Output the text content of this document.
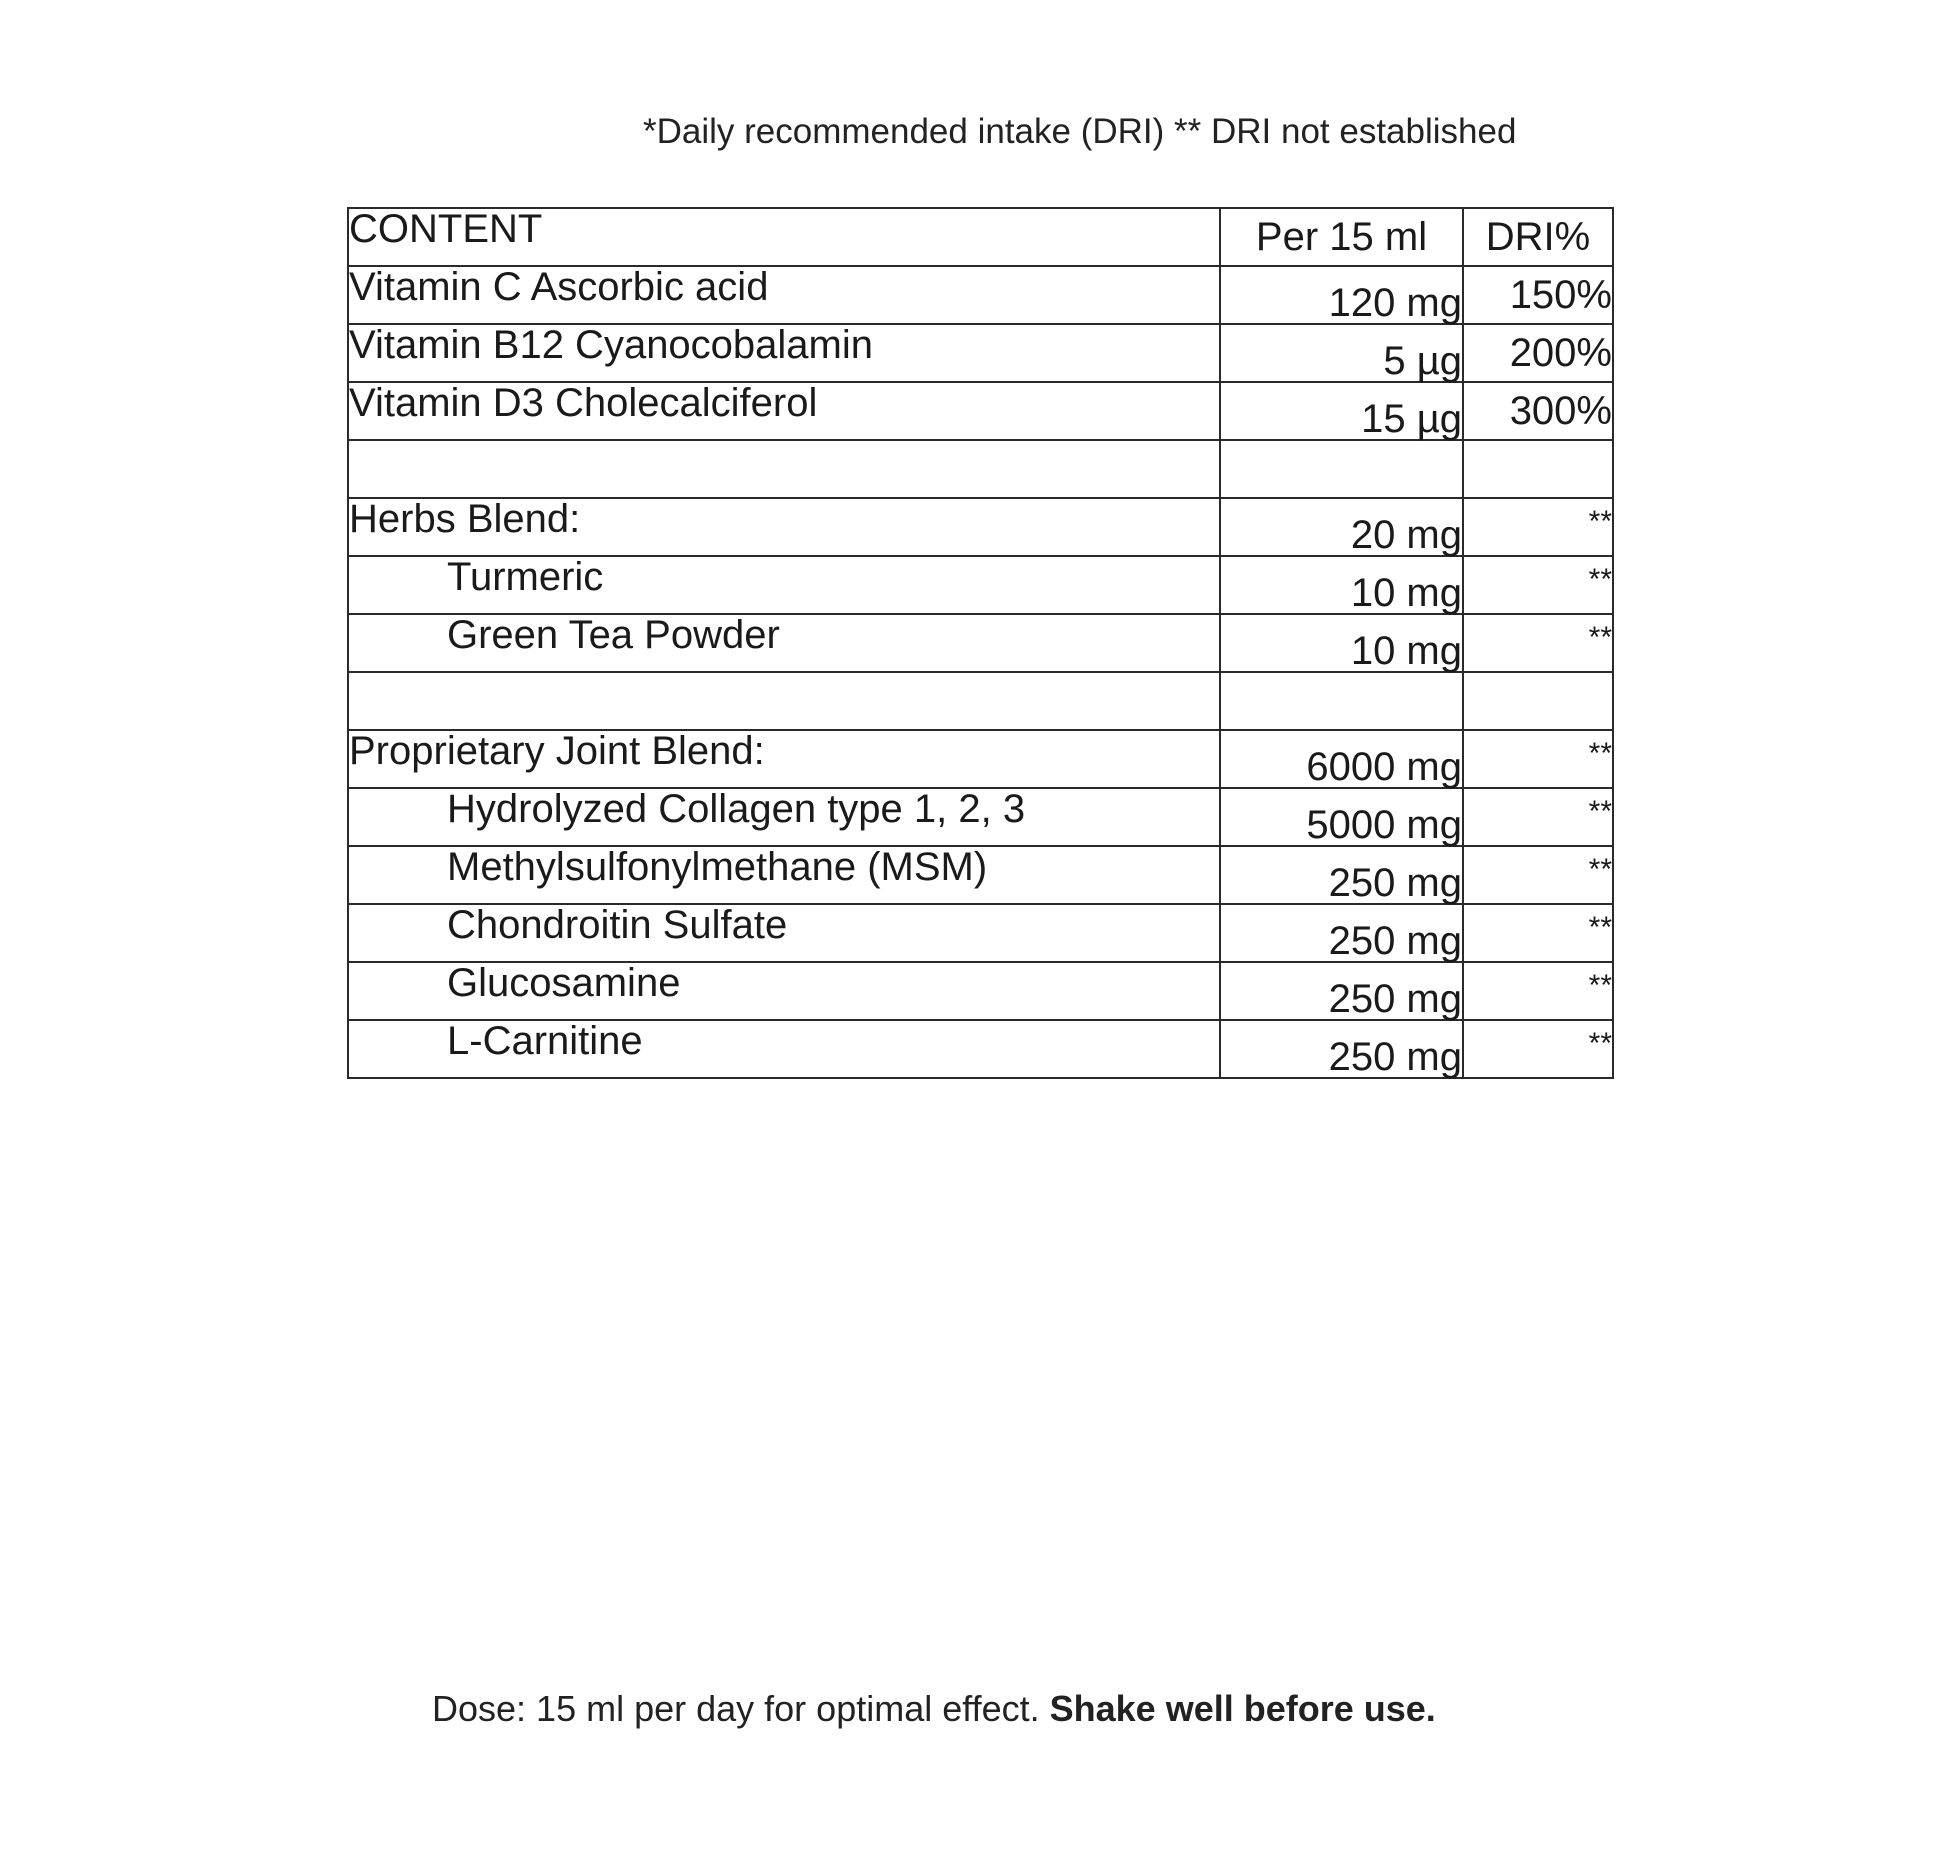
*Daily recommended intake (DRI) ** DRI not established
CONTENT	Per 15 ml	DRI%
Vitamin C Ascorbic acid	120 mg	150%
Vitamin B12 Cyanocobalamin	5 µg	200%
Vitamin D3 Cholecalciferol	15 µg	300%

Herbs Blend:	20 mg	**
Turmeric	10 mg	**
Green Tea Powder	10 mg	**

Proprietary Joint Blend:	6000 mg	**
Hydrolyzed Collagen type 1, 2, 3	5000 mg	**
Methylsulfonylmethane (MSM)	250 mg	**
Chondroitin Sulfate	250 mg	**
Glucosamine	250 mg	**
L-Carnitine	250 mg	**
Dose: 15 ml per day for optimal effect. Shake well before use.
